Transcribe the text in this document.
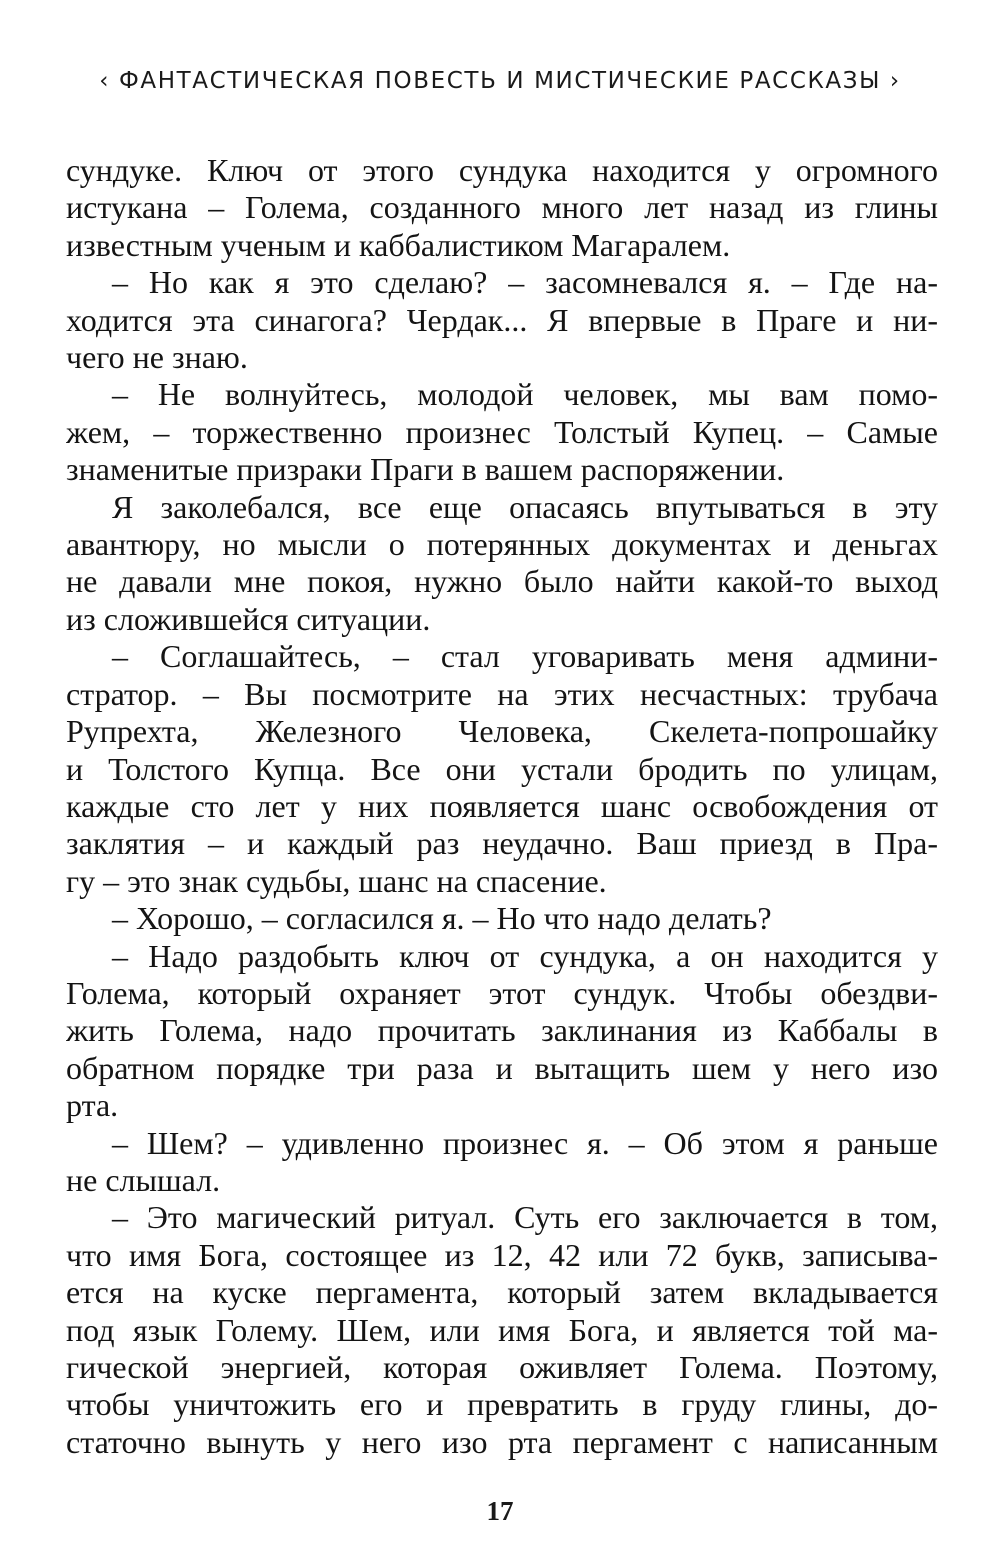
‹ ФАНТАСТИЧЕСКАЯ ПОВЕСТЬ И МИСТИЧЕСКИЕ РАССКАЗЫ ›
сундуке. Ключ от этого сундука находится у огромного
истукана – Голема, созданного много лет назад из глины
известным ученым и каббалистиком Магаралем.
– Но как я это сделаю? – засомневался я. – Где на-
ходится эта синагога? Чердак... Я впервые в Праге и ни-
чего не знаю.
– Не волнуйтесь, молодой человек, мы вам помо-
жем, – торжественно произнес Толстый Купец. – Самые
знаменитые призраки Праги в вашем распоряжении.
Я заколебался, все еще опасаясь впутываться в эту
авантюру, но мысли о потерянных документах и деньгах
не давали мне покоя, нужно было найти какой-то выход
из сложившейся ситуации.
– Соглашайтесь, – стал уговаривать меня админи-
стратор. – Вы посмотрите на этих несчастных: трубача
Рупрехта, Железного Человека, Скелета-попрошайку
и Толстого Купца. Все они устали бродить по улицам,
каждые сто лет у них появляется шанс освобождения от
заклятия – и каждый раз неудачно. Ваш приезд в Пра-
гу – это знак судьбы, шанс на спасение.
– Хорошо, – согласился я. – Но что надо делать?
– Надо раздобыть ключ от сундука, а он находится у
Голема, который охраняет этот сундук. Чтобы обездви-
жить Голема, надо прочитать заклинания из Каббалы в
обратном порядке три раза и вытащить шем у него изо
рта.
– Шем? – удивленно произнес я. – Об этом я раньше
не слышал.
– Это магический ритуал. Суть его заключается в том,
что имя Бога, состоящее из 12, 42 или 72 букв, записыва-
ется на куске пергамента, который затем вкладывается
под язык Голему. Шем, или имя Бога, и является той ма-
гической энергией, которая оживляет Голема. Поэтому,
чтобы уничтожить его и превратить в груду глины, до-
статочно вынуть у него изо рта пергамент с написанным
17
